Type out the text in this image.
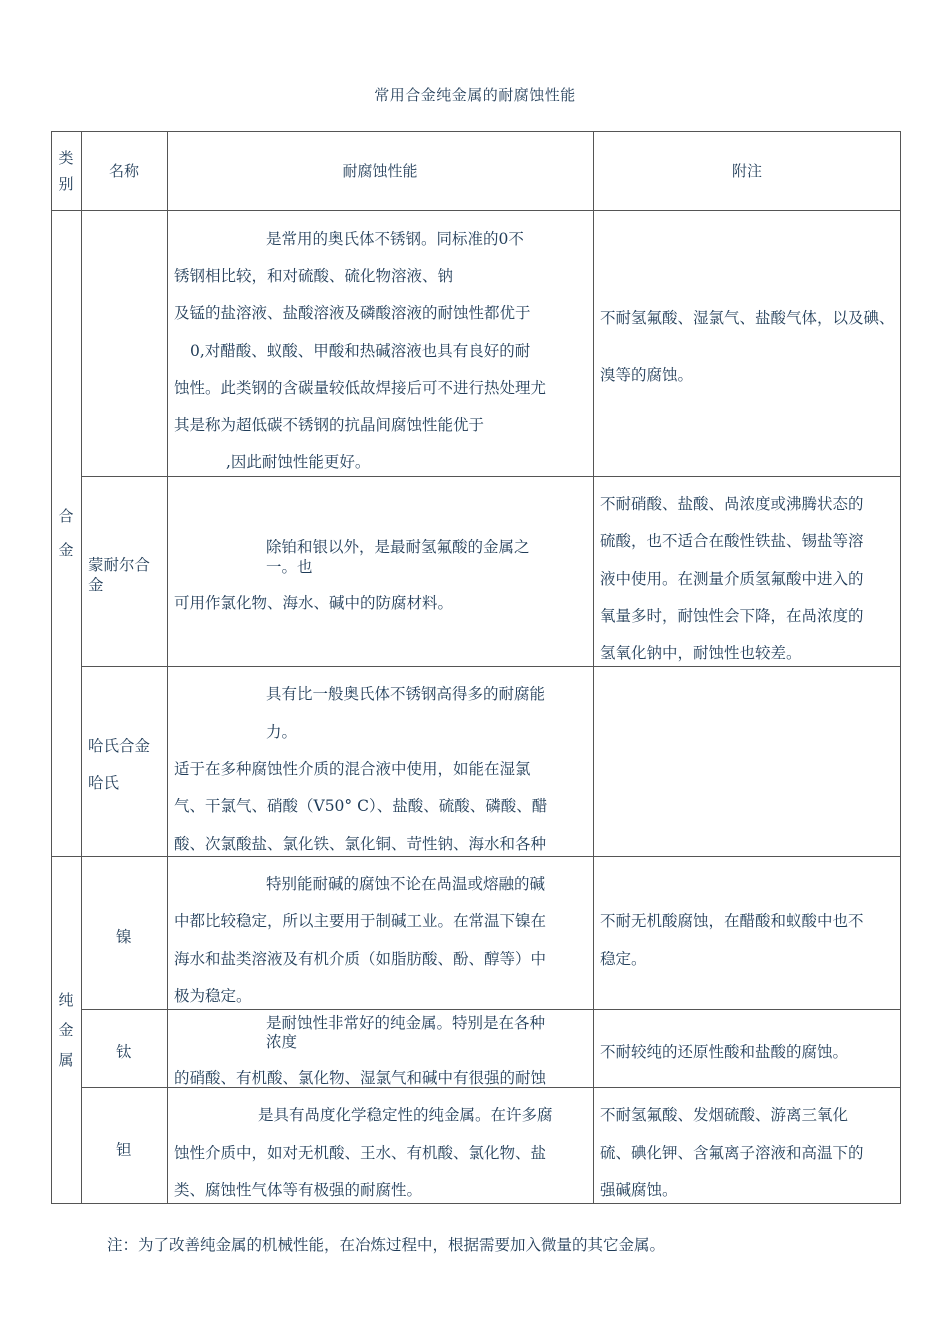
常用合金纯金属的耐腐蚀性能
类别
名称	耐腐蚀性能	附注
合金
纯金属
是常用的奥氏体不锈钢。同标准的0不
锈钢相比较，和对硫酸、硫化物溶液、钠
及锰的盐溶液、盐酸溶液及磷酸溶液的耐蚀性都优于
0,对醋酸、蚁酸、甲酸和热碱溶液也具有良好的耐
蚀性。此类钢的含碳量较低故焊接后可不进行热处理尤
其是称为超低碳不锈钢的抗晶间腐蚀性能优于
,因此耐蚀性能更好。
不耐氢氟酸、湿氯气、盐酸气体，以及碘、
溴等的腐蚀。
蒙耐尔合
金
除铂和银以外，是最耐氢氟酸的金属之
一。也
可用作氯化物、海水、碱中的防腐材料。
不耐硝酸、盐酸、咼浓度或沸腾状态的
硫酸，也不适合在酸性铁盐、锡盐等溶
液中使用。在测量介质氢氟酸中进入的
氧量多时，耐蚀性会下降，在咼浓度的
氢氧化钠中，耐蚀性也较差。
哈氏合金
哈氏
具有比一般奥氏体不锈钢高得多的耐腐能
力。
适于在多种腐蚀性介质的混合液中使用，如能在湿氯
气、干氯气、硝酸（V50° C）、盐酸、硫酸、磷酸、醋
酸、次氯酸盐、氯化铁、氯化铜、苛性钠、海水和各种
镍
特别能耐碱的腐蚀不论在咼温或熔融的碱
中都比较稳定，所以主要用于制碱工业。在常温下镍在
海水和盐类溶液及有机介质（如脂肪酸、酚、醇等）中
极为稳定。
不耐无机酸腐蚀，在醋酸和蚁酸中也不
稳定。
钛
是耐蚀性非常好的纯金属。特别是在各种
浓度
的硝酸、有机酸、氯化物、湿氯气和碱中有很强的耐蚀
不耐较纯的还原性酸和盐酸的腐蚀。
钽
是具有咼度化学稳定性的纯金属。在许多腐
蚀性介质中，如对无机酸、王水、有机酸、氯化物、盐
类、腐蚀性气体等有极强的耐腐性。
不耐氢氟酸、发烟硫酸、游离三氧化
硫、碘化钾、含氟离子溶液和高温下的
强碱腐蚀。
注：为了改善纯金属的机械性能，在冶炼过程中，根据需要加入微量的其它金属。
